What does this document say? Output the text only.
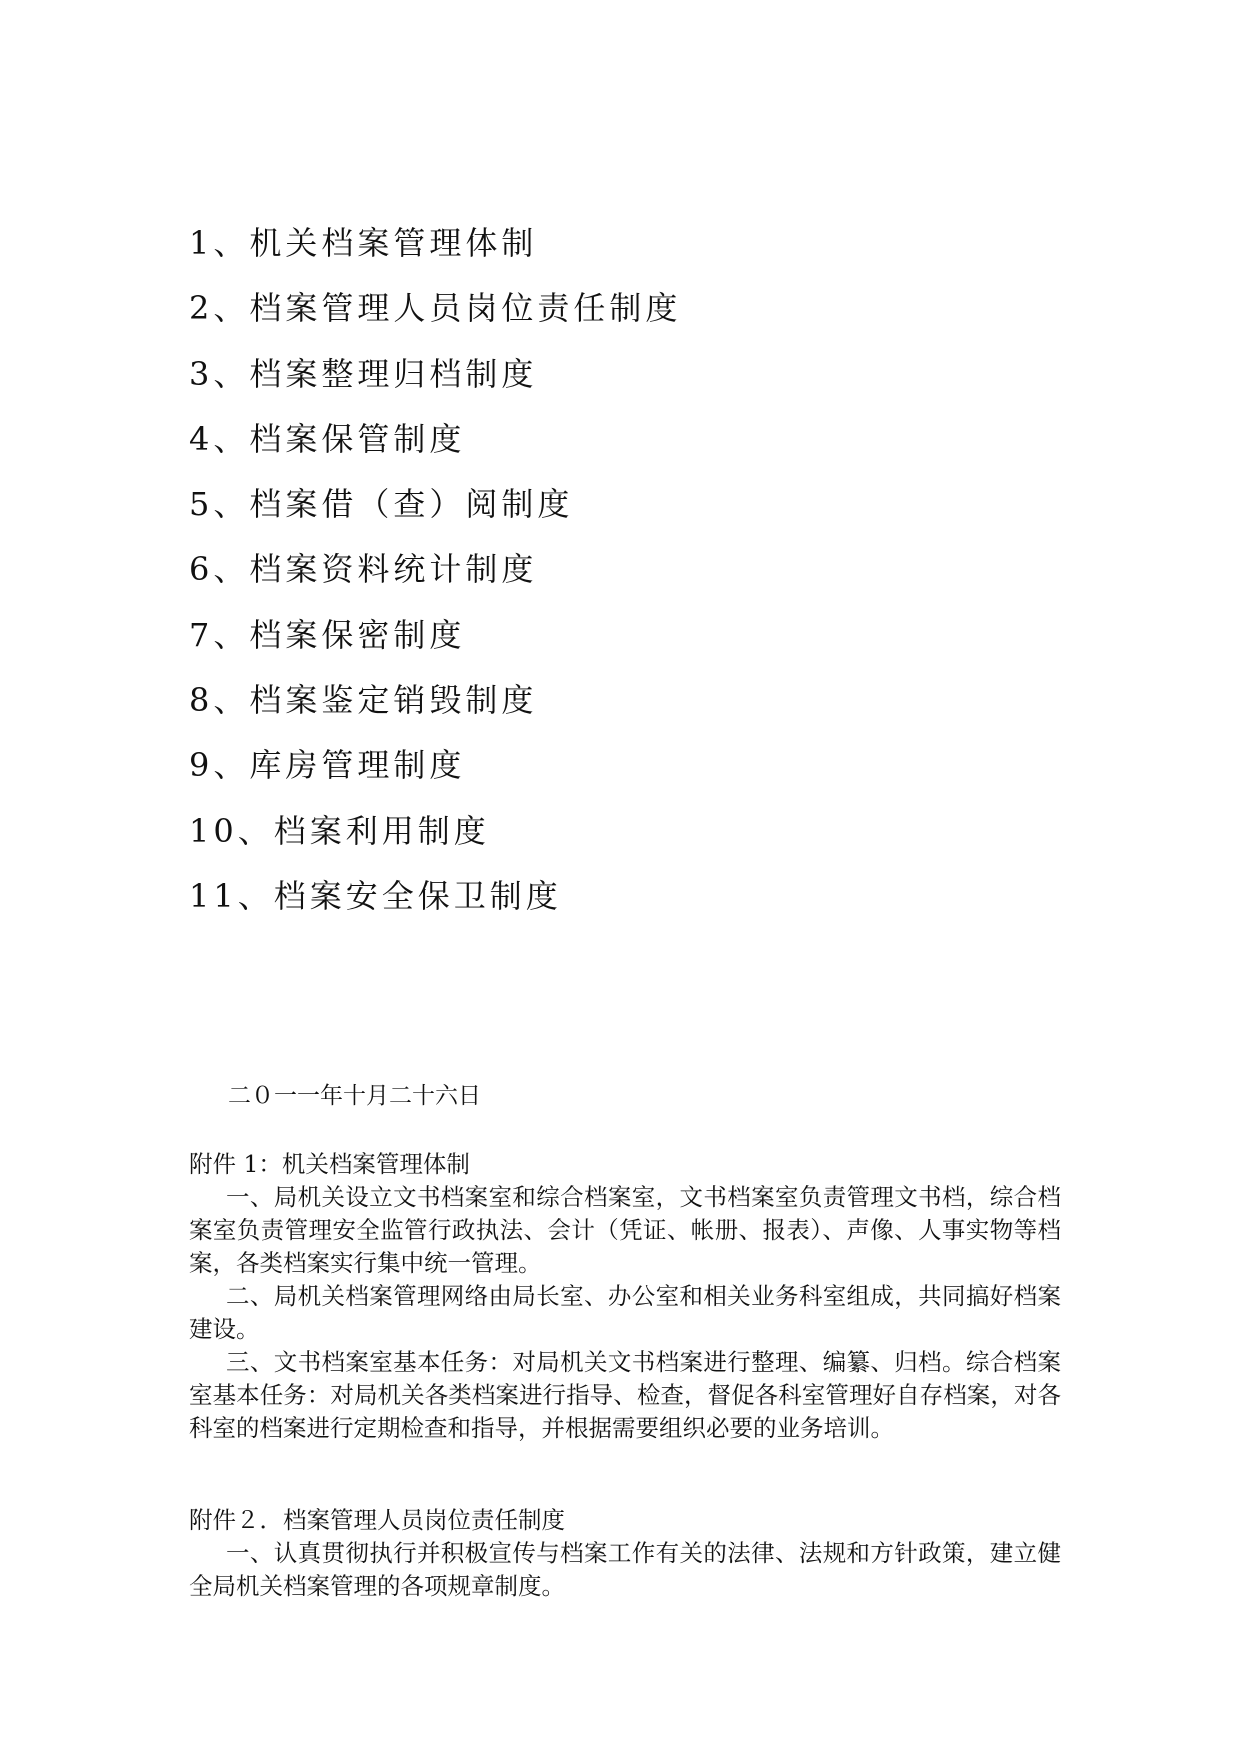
1、机关档案管理体制
2、档案管理人员岗位责任制度
3、档案整理归档制度
4、档案保管制度
5、档案借（查）阅制度
6、档案资料统计制度
7、档案保密制度
8、档案鉴定销毁制度
9、库房管理制度
10、档案利用制度
11、档案安全保卫制度
二０一一年十月二十六日
附件 1：机关档案管理体制

一、局机关设立文书档案室和综合档案室，文书档案室负责管理文书档，综合档案室负责管理安全监管行政执法、会计（凭证、帐册、报表）、声像、人事实物等档案，各类档案实行集中统一管理。

二、局机关档案管理网络由局长室、办公室和相关业务科室组成，共同搞好档案建设。

三、文书档案室基本任务：对局机关文书档案进行整理、编纂、归档。综合档案室基本任务：对局机关各类档案进行指导、检查，督促各科室管理好自存档案，对各科室的档案进行定期检查和指导，并根据需要组织必要的业务培训。

附件２．档案管理人员岗位责任制度

一、认真贯彻执行并积极宣传与档案工作有关的法律、法规和方针政策，建立健全局机关档案管理的各项规章制度。
